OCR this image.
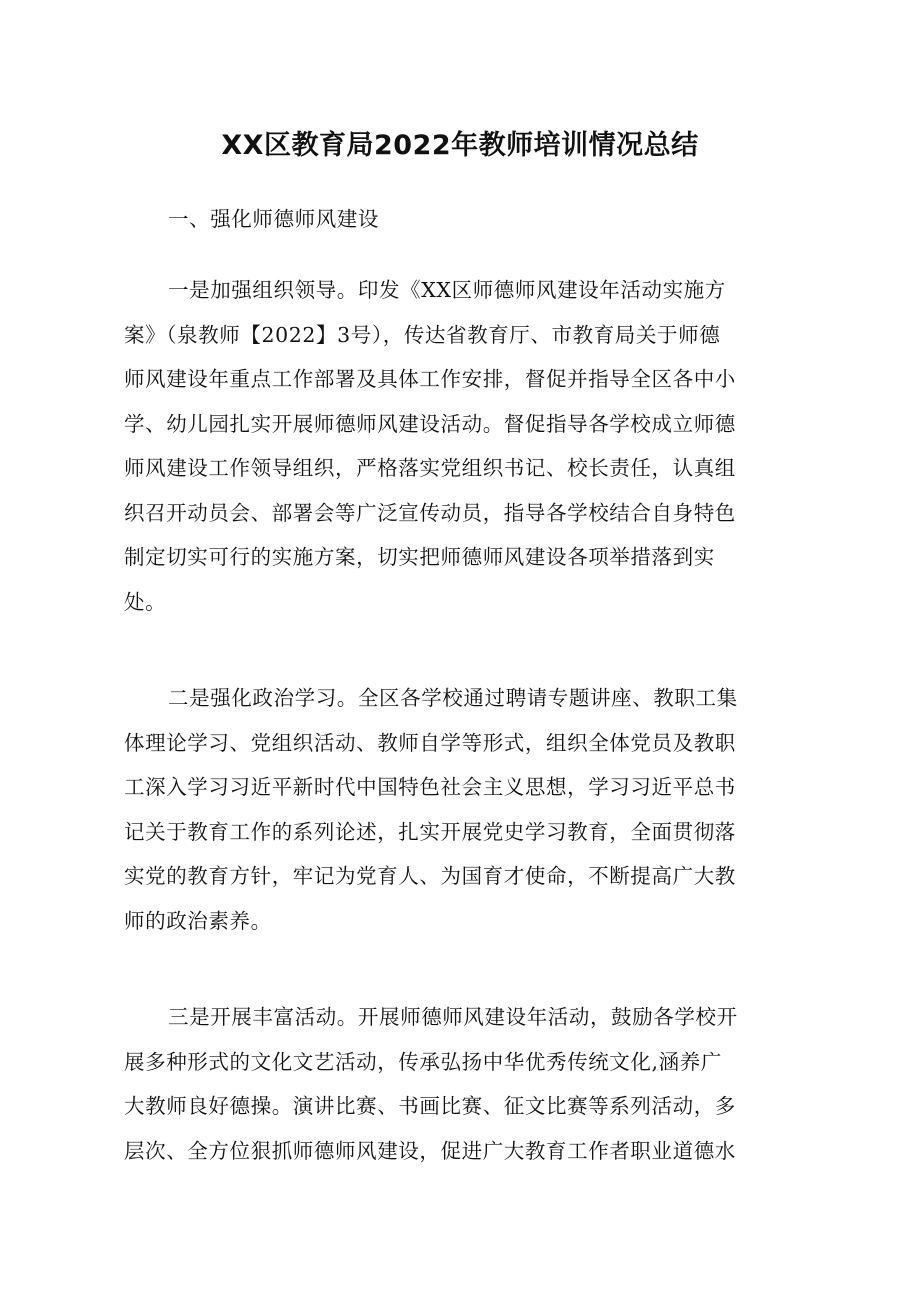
XX区教育局2022年教师培训情况总结
一、强化师德师风建设
一是加强组织领导。印发《XX区师德师风建设年活动实施方
案》（泉教师【2022】3号），传达省教育厅、市教育局关于师德
师风建设年重点工作部署及具体工作安排，督促并指导全区各中小
学、幼儿园扎实开展师德师风建设活动。督促指导各学校成立师德
师风建设工作领导组织，严格落实党组织书记、校长责任，认真组
织召开动员会、部署会等广泛宣传动员，指导各学校结合自身特色
制定切实可行的实施方案，切实把师德师风建设各项举措落到实
处。
二是强化政治学习。全区各学校通过聘请专题讲座、教职工集
体理论学习、党组织活动、教师自学等形式，组织全体党员及教职
工深入学习习近平新时代中国特色社会主义思想，学习习近平总书
记关于教育工作的系列论述，扎实开展党史学习教育，全面贯彻落
实党的教育方针，牢记为党育人、为国育才使命，不断提高广大教
师的政治素养。
三是开展丰富活动。开展师德师风建设年活动，鼓励各学校开
展多种形式的文化文艺活动，传承弘扬中华优秀传统文化,涵养广
大教师良好德操。演讲比赛、书画比赛、征文比赛等系列活动，多
层次、全方位狠抓师德师风建设，促进广大教育工作者职业道德水
